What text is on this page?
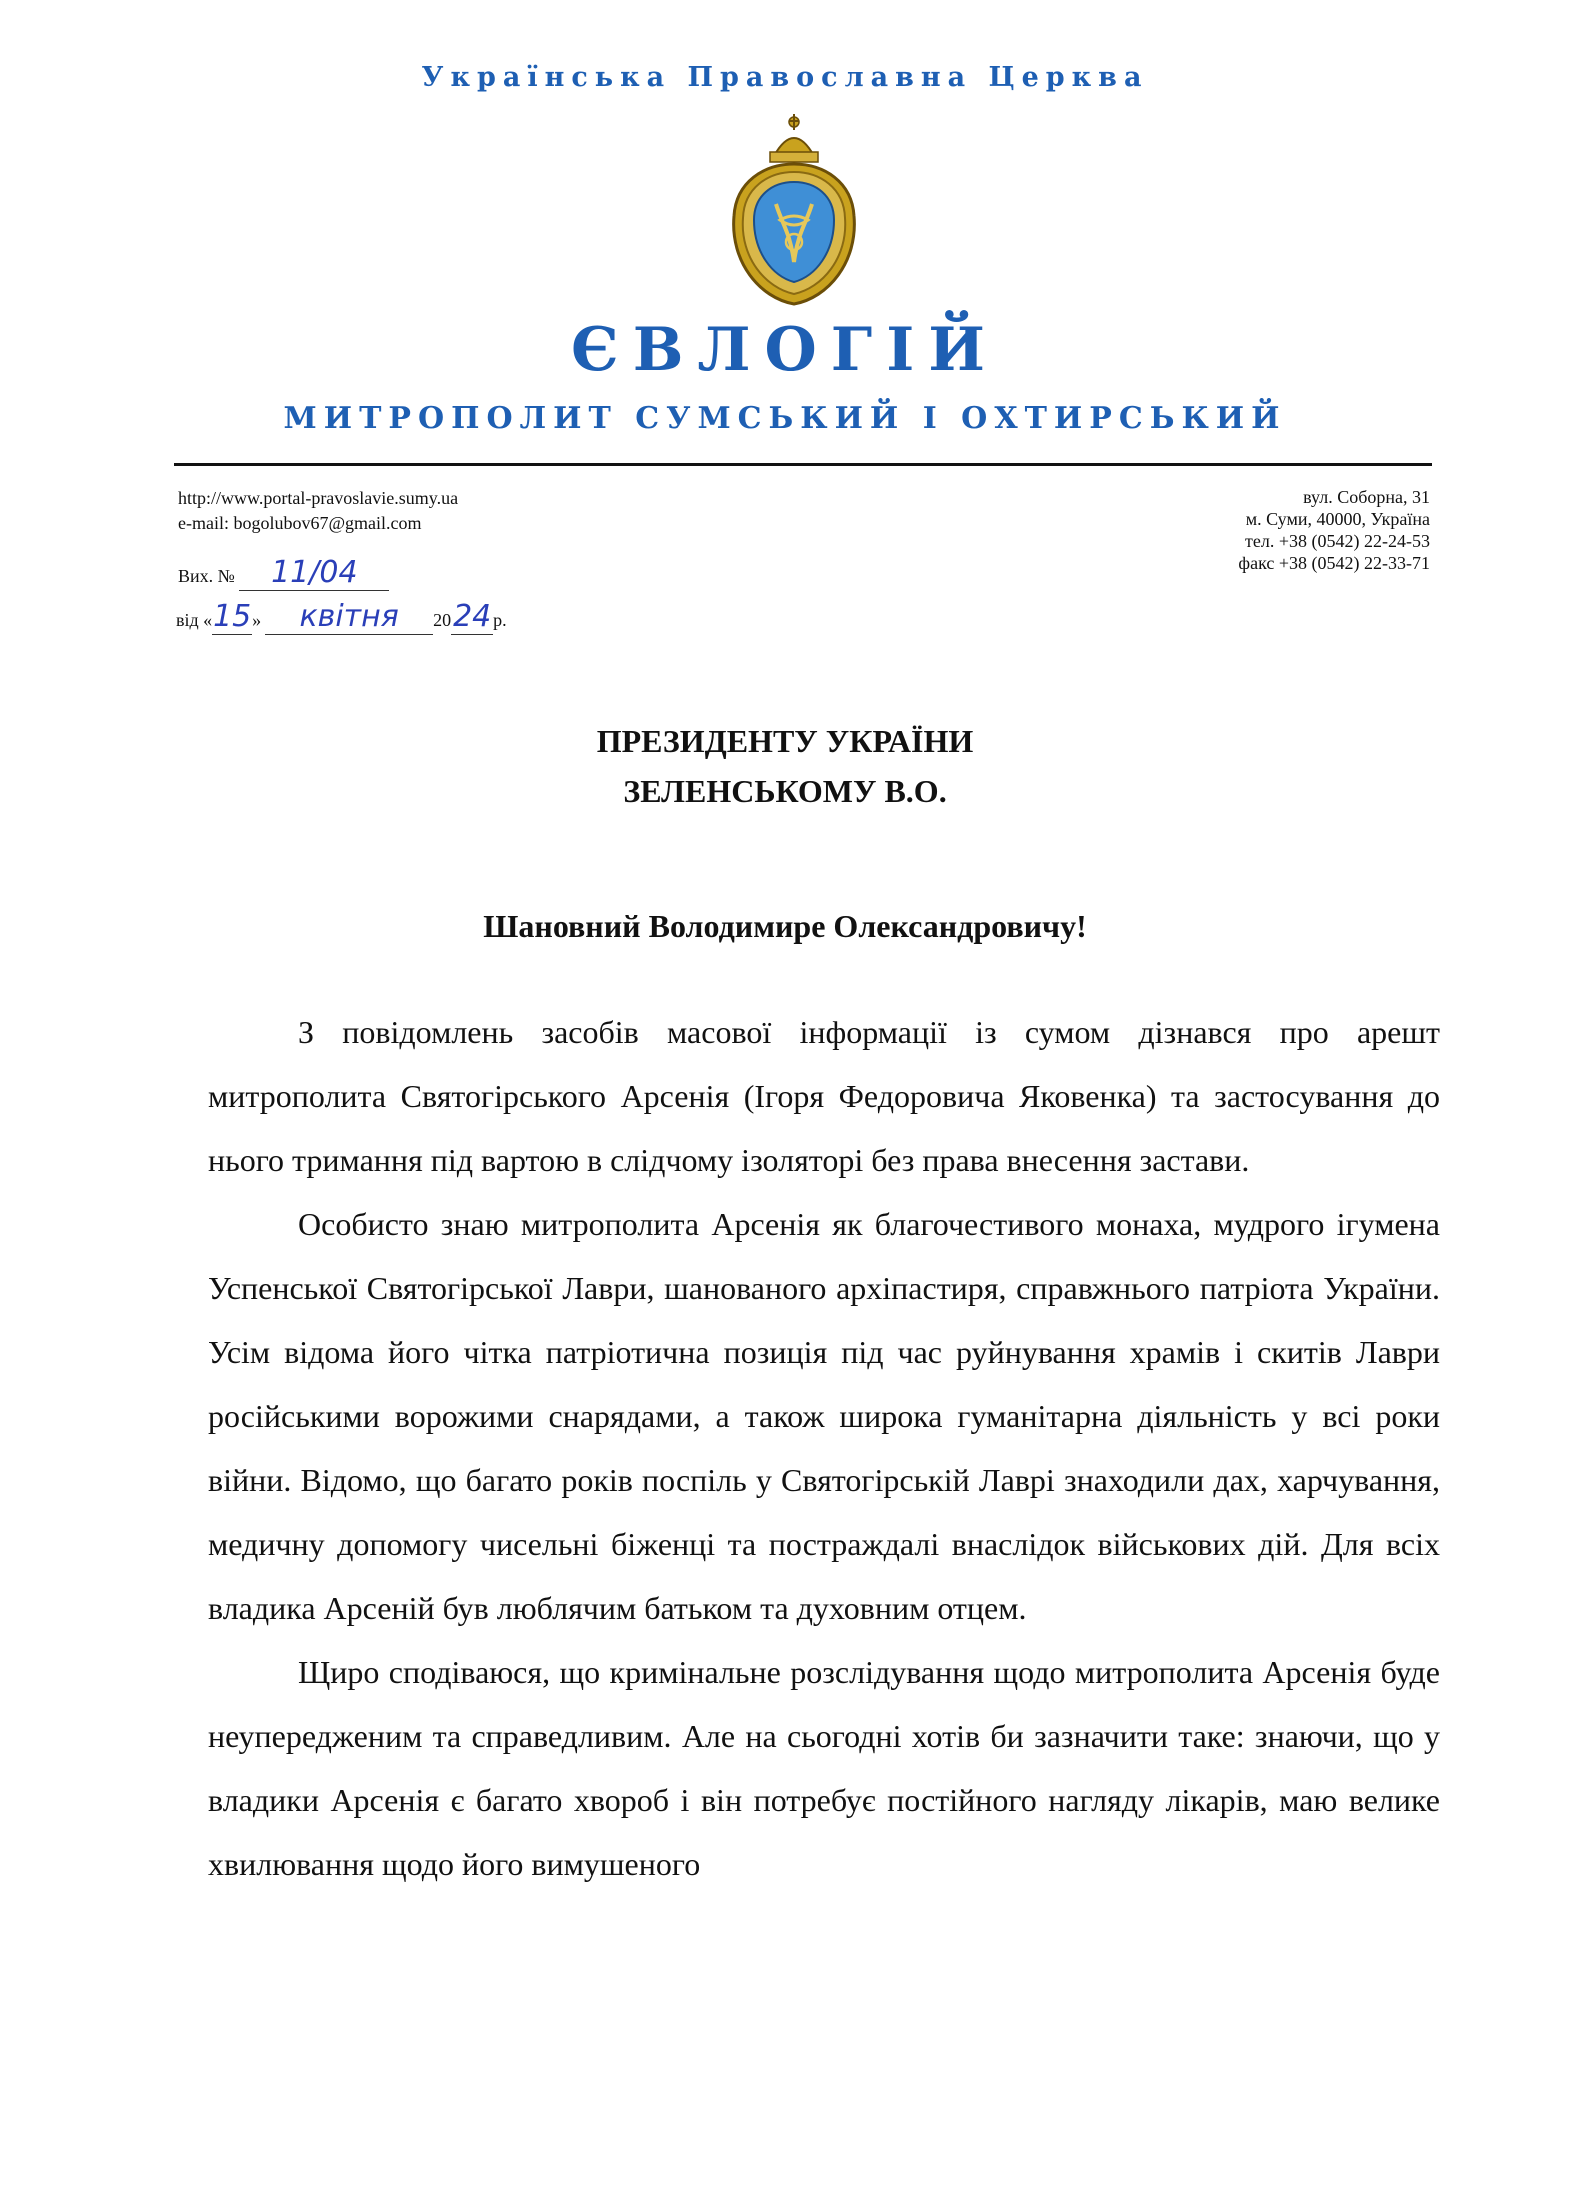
Українська Православна Церква
ЄВЛОГІЙ
МИТРОПОЛИТ СУМСЬКИЙ І ОХТИРСЬКИЙ
http://www.portal-pravoslavie.sumy.ua
e-mail: bogolubov67@gmail.com
вул. Соборна, 31
м. Суми, 40000, Україна
тел. +38 (0542) 22-24-53
факс +38 (0542) 22-33-71
Вих. № 11/04
від «15» квітня 2024 р.
ПРЕЗИДЕНТУ УКРАЇНИ
ЗЕЛЕНСЬКОМУ В.О.
Шановний Володимире Олександровичу!

З повідомлень засобів масової інформації із сумом дізнався про арешт митрополита Святогірського Арсенія (Ігоря Федоровича Яковенка) та застосування до нього тримання під вартою в слідчому ізоляторі без права внесення застави.

Особисто знаю митрополита Арсенія як благочестивого монаха, мудрого ігумена Успенської Святогірської Лаври, шанованого архіпастиря, справжнього патріота України. Усім відома його чітка патріотична позиція під час руйнування храмів і скитів Лаври російськими ворожими снарядами, а також широка гуманітарна діяльність у всі роки війни. Відомо, що багато років поспіль у Святогірській Лаврі знаходили дах, харчування, медичну допомогу чисельні біженці та постраждалі внаслідок військових дій. Для всіх владика Арсеній був люблячим батьком та духовним отцем.

Щиро сподіваюся, що кримінальне розслідування щодо митрополита Арсенія буде неупередженим та справедливим. Але на сьогодні хотів би зазначити таке: знаючи, що у владики Арсенія є багато хвороб і він потребує постійного нагляду лікарів, маю велике хвилювання щодо його вимушеного
